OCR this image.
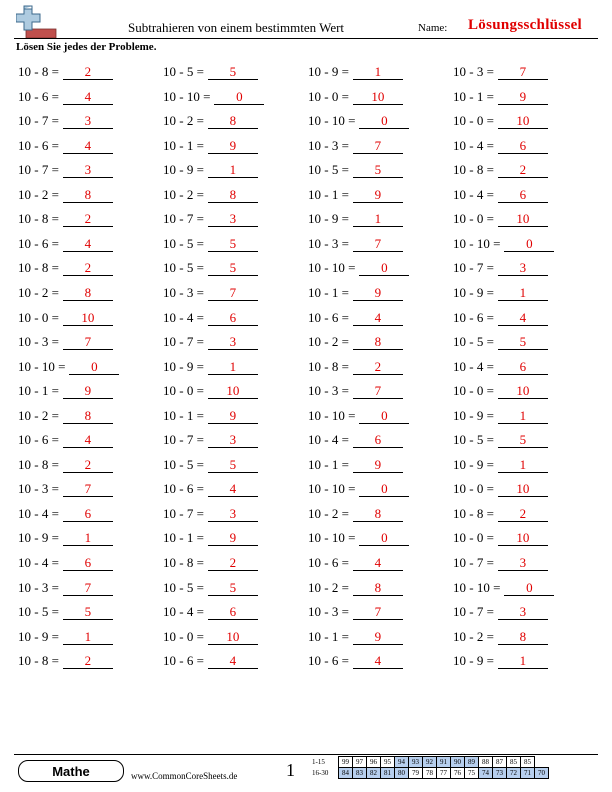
Subtrahieren von einem bestimmten Wert	Name: Lösungsschlüssel
Lösen Sie jedes der Probleme.
10 - 8 =	2	10 - 5 =	5	10 - 9 =	1	10 - 3 =	7
10 - 6 =	4	10 - 10 =	0	10 - 0 =	10	10 - 1 =	9
10 - 7 =	3	10 - 2 =	8	10 - 10 =	0	10 - 0 =	10
10 - 6 =	4	10 - 1 =	9	10 - 3 =	7	10 - 4 =	6
10 - 7 =	3	10 - 9 =	1	10 - 5 =	5	10 - 8 =	2
10 - 2 =	8	10 - 2 =	8	10 - 1 =	9	10 - 4 =	6
10 - 8 =	2	10 - 7 =	3	10 - 9 =	1	10 - 0 =	10
10 - 6 =	4	10 - 5 =	5	10 - 3 =	7	10 - 10 =	0
10 - 8 =	2	10 - 5 =	5	10 - 10 =	0	10 - 7 =	3
10 - 2 =	8	10 - 3 =	7	10 - 1 =	9	10 - 9 =	1
10 - 0 =	10	10 - 4 =	6	10 - 6 =	4	10 - 6 =	4
10 - 3 =	7	10 - 7 =	3	10 - 2 =	8	10 - 5 =	5
10 - 10 =	0	10 - 9 =	1	10 - 8 =	2	10 - 4 =	6
10 - 1 =	9	10 - 0 =	10	10 - 3 =	7	10 - 0 =	10
10 - 2 =	8	10 - 1 =	9	10 - 10 =	0	10 - 9 =	1
10 - 6 =	4	10 - 7 =	3	10 - 4 =	6	10 - 5 =	5
10 - 8 =	2	10 - 5 =	5	10 - 1 =	9	10 - 9 =	1
10 - 3 =	7	10 - 6 =	4	10 - 10 =	0	10 - 0 =	10
10 - 4 =	6	10 - 7 =	3	10 - 2 =	8	10 - 8 =	2
10 - 9 =	1	10 - 1 =	9	10 - 10 =	0	10 - 0 =	10
10 - 4 =	6	10 - 8 =	2	10 - 6 =	4	10 - 7 =	3
10 - 3 =	7	10 - 5 =	5	10 - 2 =	8	10 - 10 =	0
10 - 5 =	5	10 - 4 =	6	10 - 3 =	7	10 - 7 =	3
10 - 9 =	1	10 - 0 =	10	10 - 1 =	9	10 - 2 =	8
10 - 8 =	2	10 - 6 =	4	10 - 6 =	4	10 - 9 =	1
Mathe	www.CommonCoreSheets.de	1 1-15	99	97	96	95	94	93	92	91	90	89	88	87	85	85	
16-30	84	83	82	81	80	79	78	77	76	75	74	73	72	71	70
